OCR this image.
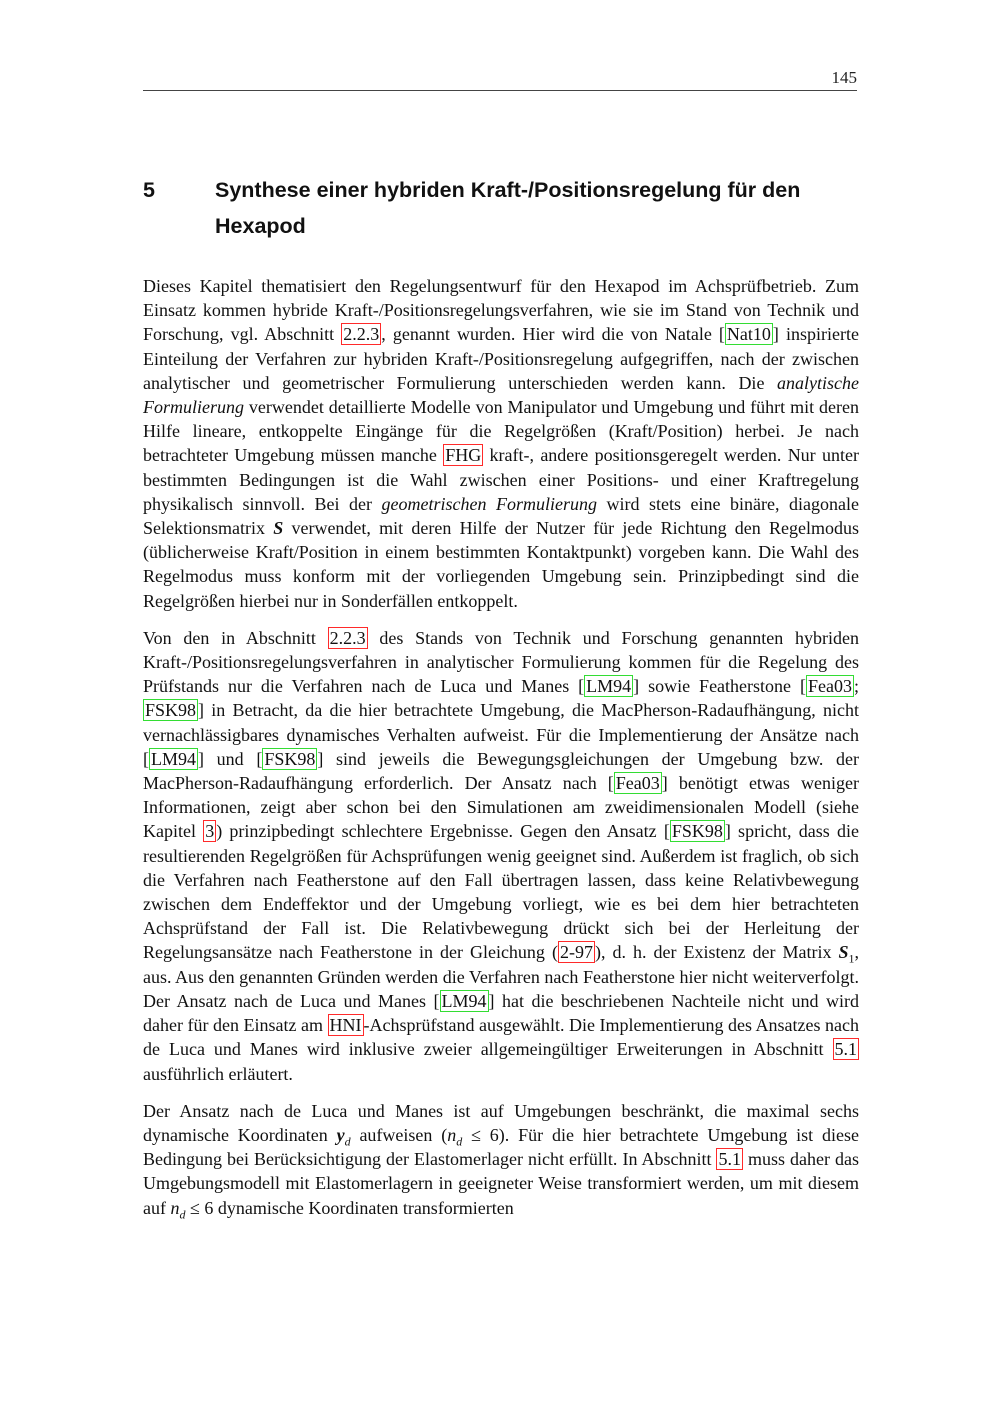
145
5	Synthese einer hybriden Kraft-/Positionsregelung für den
Hexapod

Dieses Kapitel thematisiert den Regelungsentwurf für den Hexapod im Achsprüfbetrieb. Zum Einsatz kommen hybride Kraft-/Positionsregelungsverfahren, wie sie im Stand von Technik und Forschung, vgl. Abschnitt 2.2.3 , genannt wurden. Hier wird die von Natale [ Nat10 ] inspirierte Einteilung der Verfahren zur hybriden Kraft-/Positionsregelung aufgegriffen, nach der zwischen analytischer und geometrischer Formulierung unterschieden werden kann. Die analytische Formulierung verwendet detaillierte Modelle von Manipulator und Umgebung und führt mit deren Hilfe lineare, entkoppelte Eingänge für die Regelgrößen (Kraft/Position) herbei. Je nach betrachteter Umgebung müssen manche FHG kraft-, andere positionsgeregelt werden. Nur unter bestimmten Bedingungen ist die Wahl zwischen einer Positions- und einer Kraftregelung physikalisch sinnvoll. Bei der geometrischen Formulierung wird stets eine binäre, diagonale Selektionsmatrix S verwendet, mit deren Hilfe der Nutzer für jede Richtung den Regelmodus (üblicherweise Kraft/Position in einem bestimmten Kontaktpunkt) vorgeben kann. Die Wahl des Regelmodus muss konform mit der vorliegenden Umgebung sein. Prinzipbedingt sind die Regelgrößen hierbei nur in Sonderfällen entkoppelt.

Von den in Abschnitt 2.2.3 des Stands von Technik und Forschung genannten hybriden Kraft-/Positionsregelungsverfahren in analytischer Formulierung kommen für die Regelung des Prüfstands nur die Verfahren nach de Luca und Manes [ LM94 ] sowie Featherstone [ Fea03 ; FSK98 ] in Betracht, da die hier betrachtete Umgebung, die MacPherson-Radaufhängung, nicht vernachlässigbares dynamisches Verhalten aufweist. Für die Implementierung der Ansätze nach [ LM94 ] und [ FSK98 ] sind jeweils die Bewegungsgleichungen der Umgebung bzw. der MacPherson-Radaufhängung erforderlich. Der Ansatz nach [ Fea03 ] benötigt etwas weniger Informationen, zeigt aber schon bei den Simulationen am zweidimensionalen Modell (siehe Kapitel 3 ) prinzipbedingt schlechtere Ergebnisse. Gegen den Ansatz [ FSK98 ] spricht, dass die resultierenden Regelgrößen für Achsprüfungen wenig geeignet sind. Außerdem ist fraglich, ob sich die Verfahren nach Featherstone auf den Fall übertragen lassen, dass keine Relativbewegung zwischen dem Endeffektor und der Umgebung vorliegt, wie es bei dem hier betrachteten Achsprüfstand der Fall ist. Die Relativbewegung drückt sich bei der Herleitung der Regelungsansätze nach Featherstone in der Gleichung ( 2-97 ), d. h. der Existenz der Matrix $S_1$, aus. Aus den genannten Gründen werden die Verfahren nach Featherstone hier nicht weiterverfolgt. Der Ansatz nach de Luca und Manes [ LM94 ] hat die beschriebenen Nachteile nicht und wird daher für den Einsatz am HNI -Achsprüfstand ausgewählt. Die Implementierung des Ansatzes nach de Luca und Manes wird inklusive zweier allgemeingültiger Erweiterungen in Abschnitt 5.1 ausführlich erläutert.

Der Ansatz nach de Luca und Manes ist auf Umgebungen beschränkt, die maximal sechs dynamische Koordinaten $y_d$ aufweisen $(n_d \le 6)$. Für die hier betrachtete Umgebung ist diese Bedingung bei Berücksichtigung der Elastomerlager nicht erfüllt. In Abschnitt 5.1 muss daher das Umgebungsmodell mit Elastomerlagern in geeigneter Weise transformiert werden, um mit diesem auf $n_d \le 6$ dynamische Koordinaten transformierten
